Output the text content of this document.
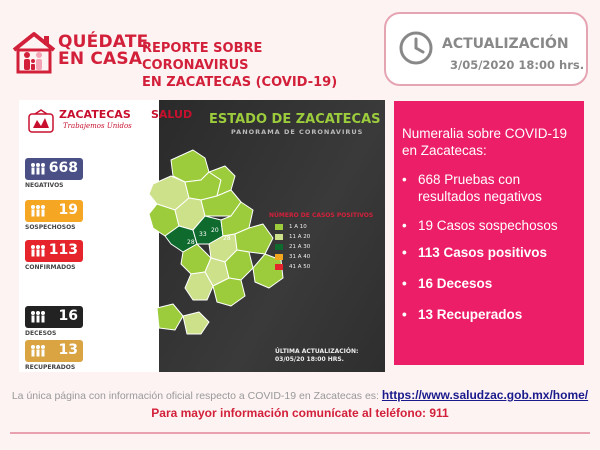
QUÉDATE
EN CASA
REPORTE SOBRE CORONAVIRUS
EN ZACATECAS (COVID-19)
ACTUALIZACIÓN
3/05/2020 18:00 hrs.
ZACATECAS
Trabajemos Unidos
SALUD ESTADO DE ZACATECAS
PANORAMA DE CORONAVIRUS
668
NEGATIVOS
19
SOSPECHOSOS
113
CONFIRMADOS
16
DECESOS
13
RECUPERADOS
28
33
20
28
NÚMERO DE CASOS POSITIVOS
1 A 10
11 A 20
21 A 30
31 A 40
41 A 50
ÚLTIMA ACTUALIZACIÓN:
03/05/20 18:00 HRS.
Numeralia sobre COVID-19 en Zacatecas:
• 668 Pruebas con resultados negativos
• 19 Casos sospechosos
• 113 Casos positivos
• 16 Decesos
• 13 Recuperados
La única página con información oficial respecto a COVID-19 en Zacatecas es: https://www.saludzac.gob.mx/home/
Para mayor información comunícate al teléfono: 911
